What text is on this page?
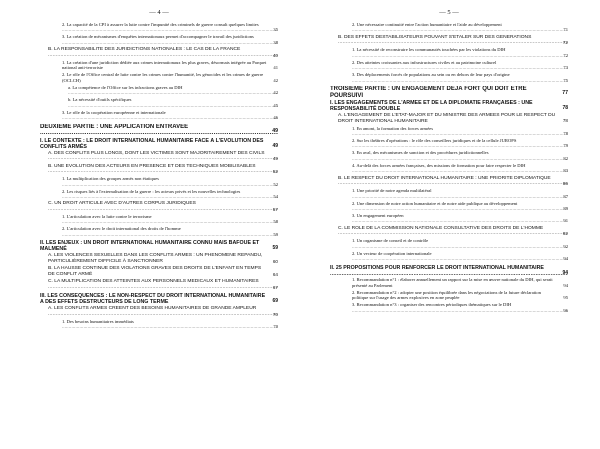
— 4 —
2. La capacité de la CPI à assurer la lutte contre l'impunité des criminels de guerre consult quelques limites .....
35
3. La création de mécanismes d'enquêtes internationaux permet d'accompagner le travail des juridictions .....
38
B. LA RESPONSABILITÉ DES JURIDICTIONS NATIONALES : LE CAS DE LA FRANCE .....
40
1. La création d'une juridiction dédiée aux crimes internationaux les plus graves, désormais intégrée au Parquet national anti-terroriste .....	41
2. Le rôle de l'Office central de lutte contre les crimes contre l'humanité, les génocides et les crimes de guerre (OCLCH) .....	42
a. La compétence de l'Office sur les infractions graves au DIH .....
42
b. La nécessité d'outils spécifiques .....
45
3. Le rôle de la coopération européenne et internationale .....
46
DEUXIÈME PARTIE : UNE APPLICATION ENTRAVÉE .....
49
I. LE CONTEXTE : LE DROIT INTERNATIONAL HUMANITAIRE FACE À L'ÉVOLUTION DES CONFLITS ARMÉS .....	49
A. DES CONFLITS PLUS LONGS, DONT LES VICTIMES SONT MAJORITAIREMENT DES CIVILS .....
49
B. UNE ÉVOLUTION DES ACTEURS EN PRÉSENCE ET DES TECHNIQUES MOBILISABLES .....
52
1. La multiplication des groupes armés non étatiques .....
52
2. Les risques liés à l'externalisation de la guerre : les acteurs privés et les nouvelles technologies .....
54
C. UN DROIT ARTICULÉ AVEC D'AUTRES CORPUS JURIDIQUES .....
57
1. L'articulation avec la lutte contre le terrorisme .....
58
2. L'articulation avec le droit international des droits de l'homme .....
59
II. LES ENJEUX : UN DROIT INTERNATIONAL HUMANITAIRE CONNU MAIS BAFOUÉ ET MALMENÉ .....	59
A. LES VIOLENCES SEXUELLES DANS LES CONFLITS ARMÉS : UN PHÉNOMÈNE RÉPANDU, PARTICULIÈREMENT DIFFICILE À SANCTIONNER .....	60
B. LA HAUSSE CONTINUE DES VIOLATIONS GRAVES DES DROITS DE L'ENFANT EN TEMPS DE CONFLIT ARMÉ .....	64
C. LA MULTIPLICATION DES ATTEINTES AUX PERSONNELS MÉDICAUX ET HUMANITAIRES .....
67
III. LES CONSÉQUENCES : LE NON-RESPECT DU DROIT INTERNATIONAL HUMANITAIRE A DES EFFETS DESTRUCTEURS DE LONG TERME .....	69
A. LES CONFLITS ARMÉS CRÉENT DES BESOINS HUMANITAIRES DE GRANDE AMPLEUR .....
70
1. Des besoins humanitaires immédiats .....
70
— 5 —
2. Une nécessaire continuité entre l'action humanitaire et l'aide au développement .....
71
B. DES EFFETS DÉSTABILISATEURS POUVANT S'ÉTALER SUR DES GÉNÉRATIONS .....
72
1. La nécessité de reconstruire les communautés touchées par les violations du DIH .....
72
2. Des atteintes croissantes aux infrastructures civiles et au patrimoine culturel .....
73
3. Des déplacements forcés de populations au sein ou en dehors de leur pays d'origine .....
75
TROISIÈME PARTIE : UN ENGAGEMENT DÉJÀ FORT QUI DOIT ÊTRE POURSUIVI .....	77
I. LES ENGAGEMENTS DE L'ARMÉE ET DE LA DIPLOMATIE FRANÇAISES : UNE RESPONSABILITÉ DOUBLE .....	78
A. L'ENGAGEMENT DE L'ÉTAT-MAJOR ET DU MINISTRE DES ARMÉES POUR LE RESPECT DU DROIT INTERNATIONAL HUMANITAIRE .....	78
1. En amont, la formation des forces armées .....
78
2. Sur les théâtres d'opérations : le rôle des conseillers juridiques et de la cellule JUROPS .....
79
3. En aval, des mécanismes de sanction et des procédures juridictionnelles .....
82
4. Au-delà des forces armées françaises, des missions de formation pour faire respecter le DIH .....
83
B. LE RESPECT DU DROIT INTERNATIONAL HUMANITAIRE : UNE PRIORITÉ DIPLOMATIQUE .....
86
1. Une priorité de notre agenda multilatéral .....
87
2. Une dimension de notre action humanitaire et de notre aide publique au développement .....
89
3. Un engagement européen .....
91
C. LE RÔLE DE LA COMMISSION NATIONALE CONSULTATIVE DES DROITS DE L'HOMME .....
92
1. Un organisme de conseil et de contrôle .....
92
2. Un vecteur de coopération internationale .....
94
II. 25 PROPOSITIONS POUR RENFORCER LE DROIT INTERNATIONAL HUMANITAIRE .....
94
1. Recommandation n°1 : élaborer annuellement un rapport sur la mise en œuvre nationale du DIH, qui serait présenté au Parlement .....	94
2. Recommandation n°2 : adopter une position équilibrée dans les négociations de la future déclaration politique sur l'usage des armes explosives en zone peuplée .....	95
3. Recommandation n°3 : organiser des rencontres périodiques thématiques sur le DIH .....
96
